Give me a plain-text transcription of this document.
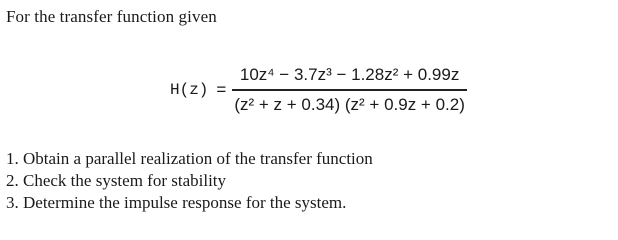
For the transfer function given
$H(z) = \frac{\text{10z⁴ − 3.7z³ − 1.28z² + 0.99z}}{\text{(z² + z + 0.34) (z² + 0.9z + 0.2)}}$
1. Obtain a parallel realization of the transfer function
2. Check the system for stability
3. Determine the impulse response for the system.
